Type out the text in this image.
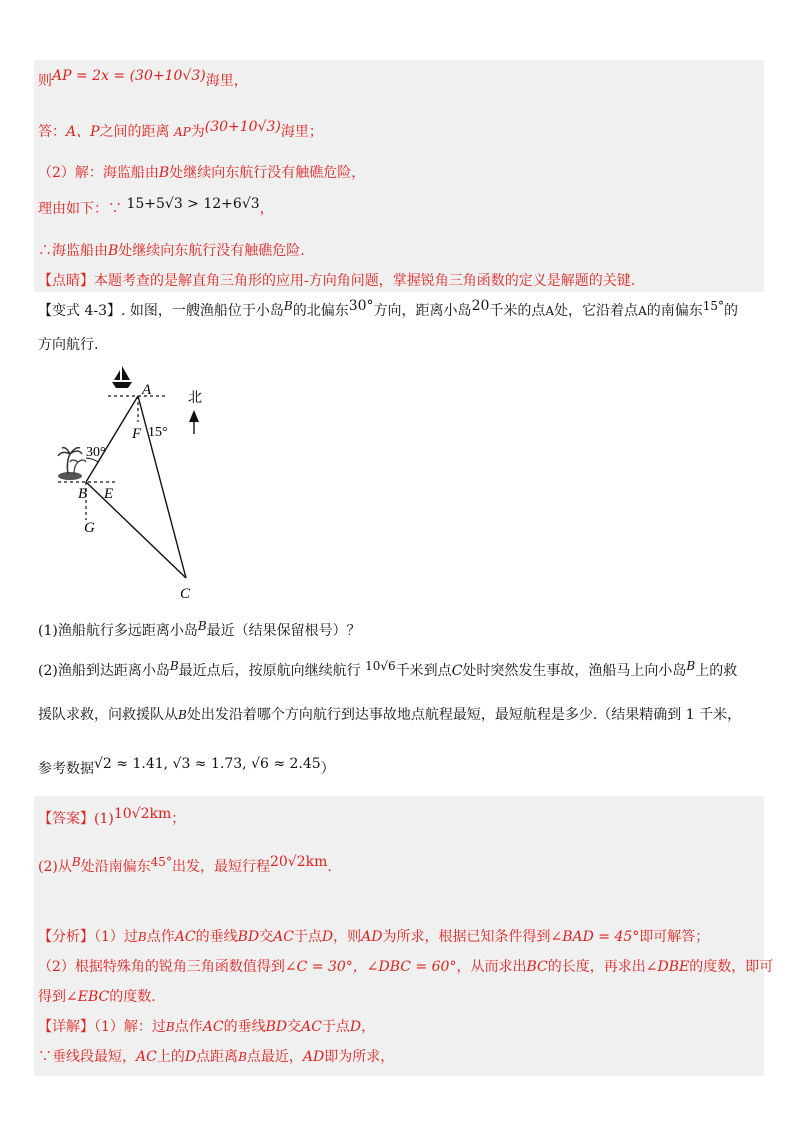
则AP = 2x = (30+10√3)海里，
答：A、P之间的距离 AP为(30+10√3)海里；
（2）解：海监船由B处继续向东航行没有触礁危险，
理由如下：∵ 15+5√3 > 12+6√3，
∴海监船由B处继续向东航行没有触礁危险.
【点睛】本题考查的是解直角三角形的应用-方向角问题，掌握锐角三角函数的定义是解题的关键.
【变式 4-3】. 如图，一艘渔船位于小岛B的北偏东30°方向，距离小岛20千米的点A处，它沿着点A的南偏东15°的
方向航行.
A
F 15°
30°
B E
G
C
北
(1)渔船航行多远距离小岛B最近（结果保留根号）？
(2)渔船到达距离小岛B最近点后，按原航向继续航行 10√6千米到点C处时突然发生事故，渔船马上向小岛B上的救
援队求救，问救援队从B处出发沿着哪个方向航行到达事故地点航程最短，最短航程是多少.（结果精确到 1 千米，
参考数据√2 ≈ 1.41, √3 ≈ 1.73, √6 ≈ 2.45）
【答案】(1)10√2km；
(2)从B处沿南偏东45°出发，最短行程20√2km.
【分析】（1）过B点作AC的垂线BD交AC于点D，则AD为所求，根据已知条件得到∠BAD = 45°即可解答；
（2）根据特殊角的锐角三角函数值得到∠C = 30°，∠DBC = 60°，从而求出BC的长度，再求出∠DBE的度数，即可
得到∠EBC的度数.
【详解】（1）解：过B点作AC的垂线BD交AC于点D，
∵垂线段最短，AC上的D点距离B点最近，AD即为所求，
